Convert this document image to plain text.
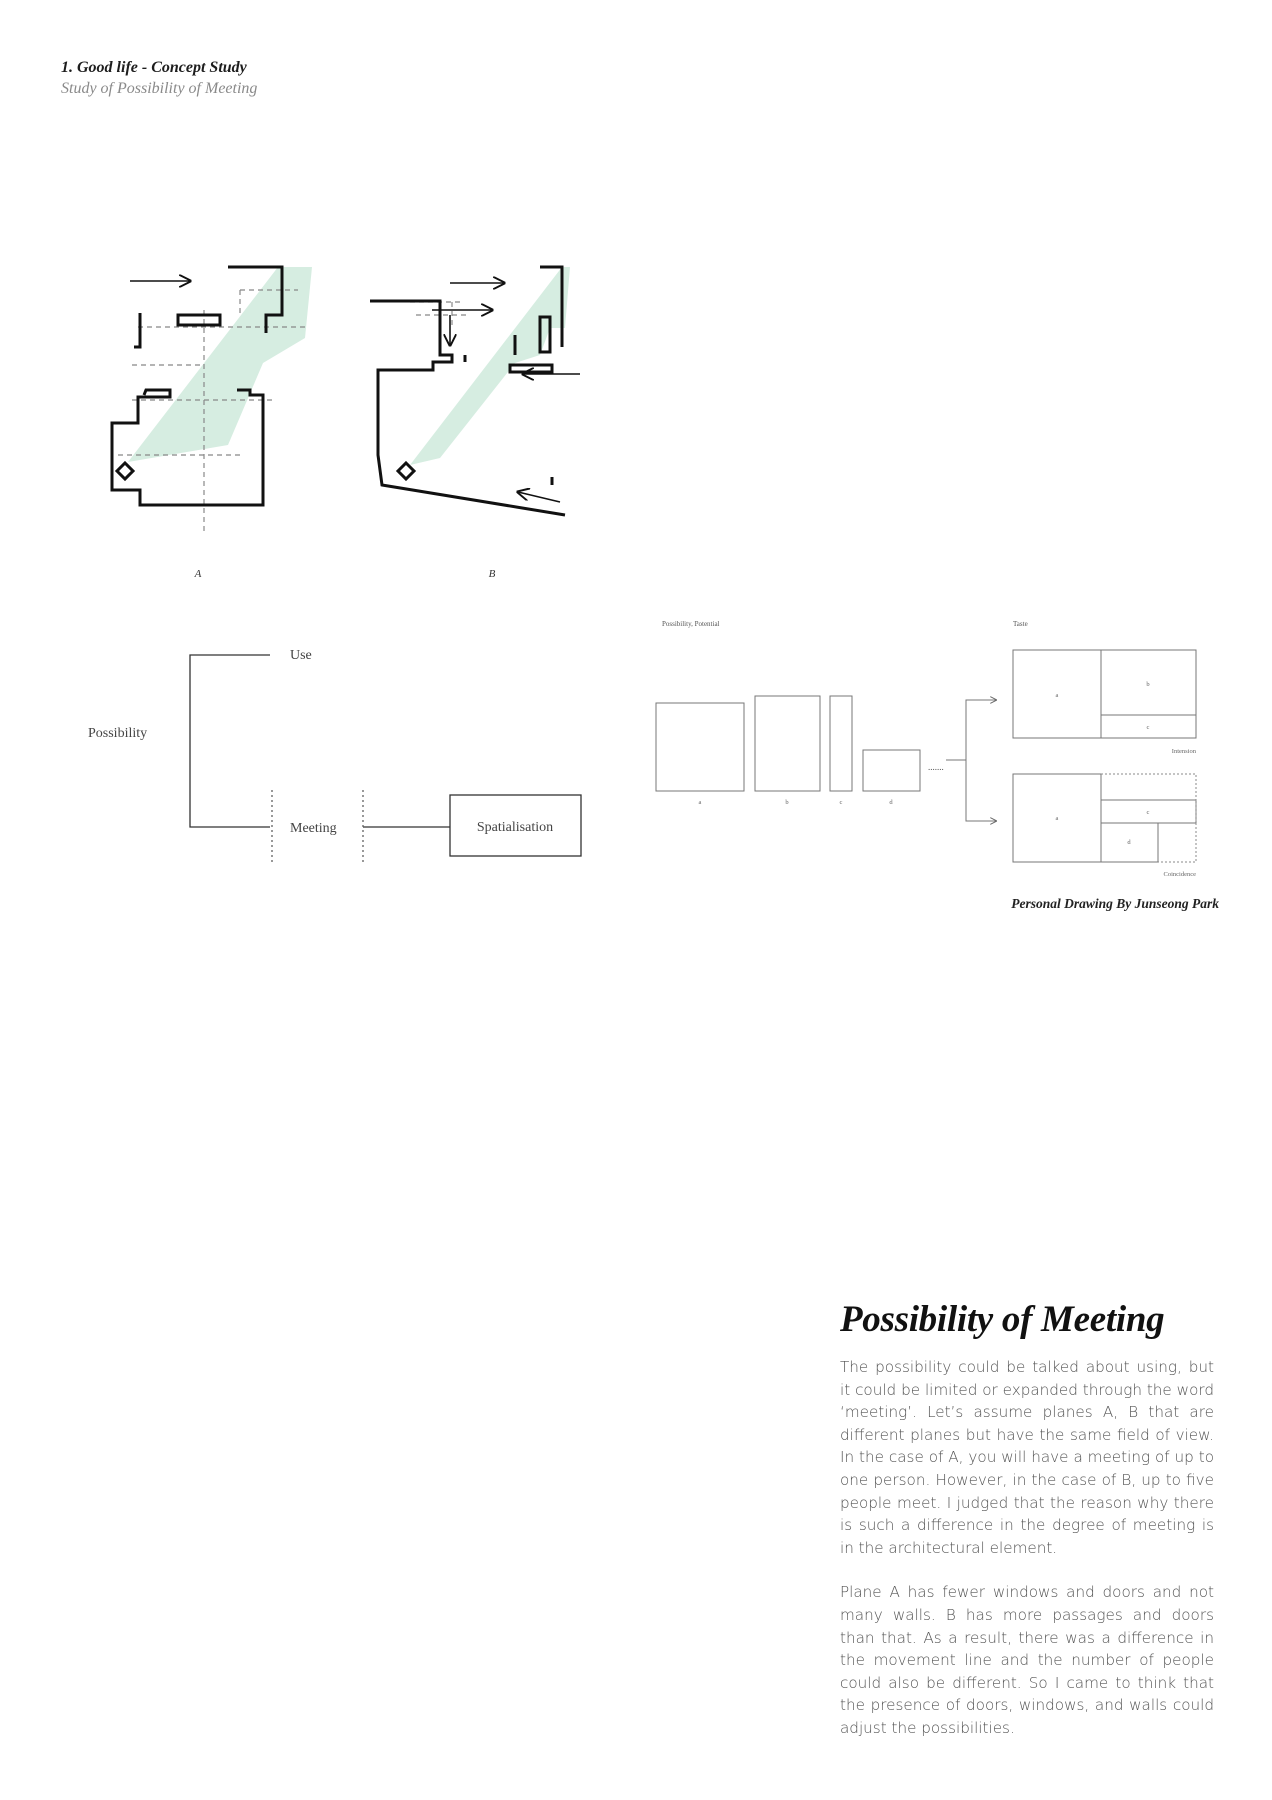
1. Good life - Concept Study
Study of Possibility of Meeting
A	B
Possibility
Use
Meeting	Spatialisation
Possibility, Potential	Taste
a	b	c	d
a
b
c
a
c
d
.......
Intension
Coincidence
Personal Drawing By Junseong Park
Possibility of Meeting

The possibility could be talked about using, but it could be limited or expanded through the word ‘meeting’. Let’s assume planes A, B that are different planes but have the same field of view. In the case of A, you will have a meeting of up to one person. However, in the case of B, up to five people meet. I judged that the reason why there is such a difference in the degree of meeting is in the architectural element.

Plane A has fewer windows and doors and not many walls. B has more passages and doors than that. As a result, there was a difference in the movement line and the number of people could also be different. So I came to think that the presence of doors, windows, and walls could adjust the possibilities.
